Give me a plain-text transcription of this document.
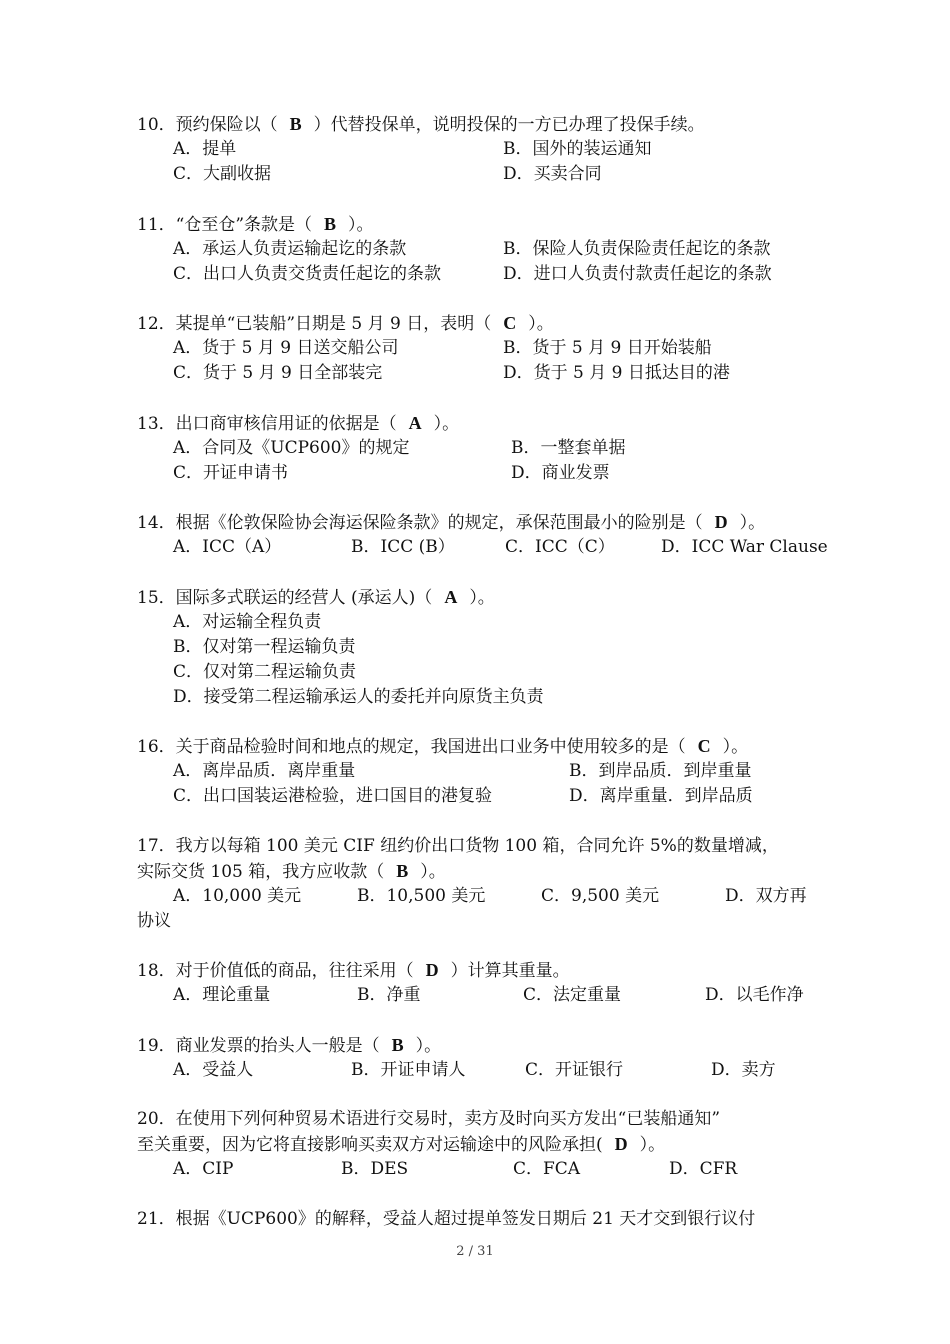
10．预约保险以（ B ）代替投保单，说明投保的一方已办理了投保手续。
A．提单	B．国外的装运通知
C．大副收据	D．买卖合同
11．“仓至仓”条款是（ B ）。
A．承运人负责运输起讫的条款	B．保险人负责保险责任起讫的条款
C．出口人负责交货责任起讫的条款	D．进口人负责付款责任起讫的条款
12．某提单“已装船”日期是 5 月 9 日，表明（ C ）。
A．货于 5 月 9 日送交船公司	B．货于 5 月 9 日开始装船
C．货于 5 月 9 日全部装完	D．货于 5 月 9 日抵达目的港
13．出口商审核信用证的依据是（ A ）。
A．合同及《UCP600》的规定	B．一整套单据
C．开证申请书	D．商业发票
14．根据《伦敦保险协会海运保险条款》的规定，承保范围最小的险别是（ D ）。
A．ICC（A）	B．ICC (B）	C．ICC（C）	D．ICC War Clause
15．国际多式联运的经营人 (承运人)（ A ）。
A．对运输全程负责
B．仅对第一程运输负责
C．仅对第二程运输负责
D．接受第二程运输承运人的委托并向原货主负责
16．关于商品检验时间和地点的规定，我国进出口业务中使用较多的是（ C ）。
A．离岸品质．离岸重量	B．到岸品质．到岸重量
C．出口国装运港检验，进口国目的港复验	D．离岸重量．到岸品质
17．我方以每箱 100 美元 CIF 纽约价出口货物 100 箱，合同允许 5%的数量增减，
实际交货 105 箱，我方应收款（ B ）。
A．10,000 美元	B．10,500 美元	C．9,500 美元	D．双方再
协议
18．对于价值低的商品，往往采用（ D ）计算其重量。
A．理论重量	B．净重	C．法定重量	D．以毛作净
19．商业发票的抬头人一般是（ B ）。
A．受益人	B．开证申请人	C．开证银行	D．卖方
20．在使用下列何种贸易术语进行交易时，卖方及时向买方发出“已装船通知”
至关重要，因为它将直接影响买卖双方对运输途中的风险承担( D ）。
A．CIP	B．DES	C．FCA	D．CFR
21．根据《UCP600》的解释，受益人超过提单签发日期后 21 天才交到银行议付
2 / 31
